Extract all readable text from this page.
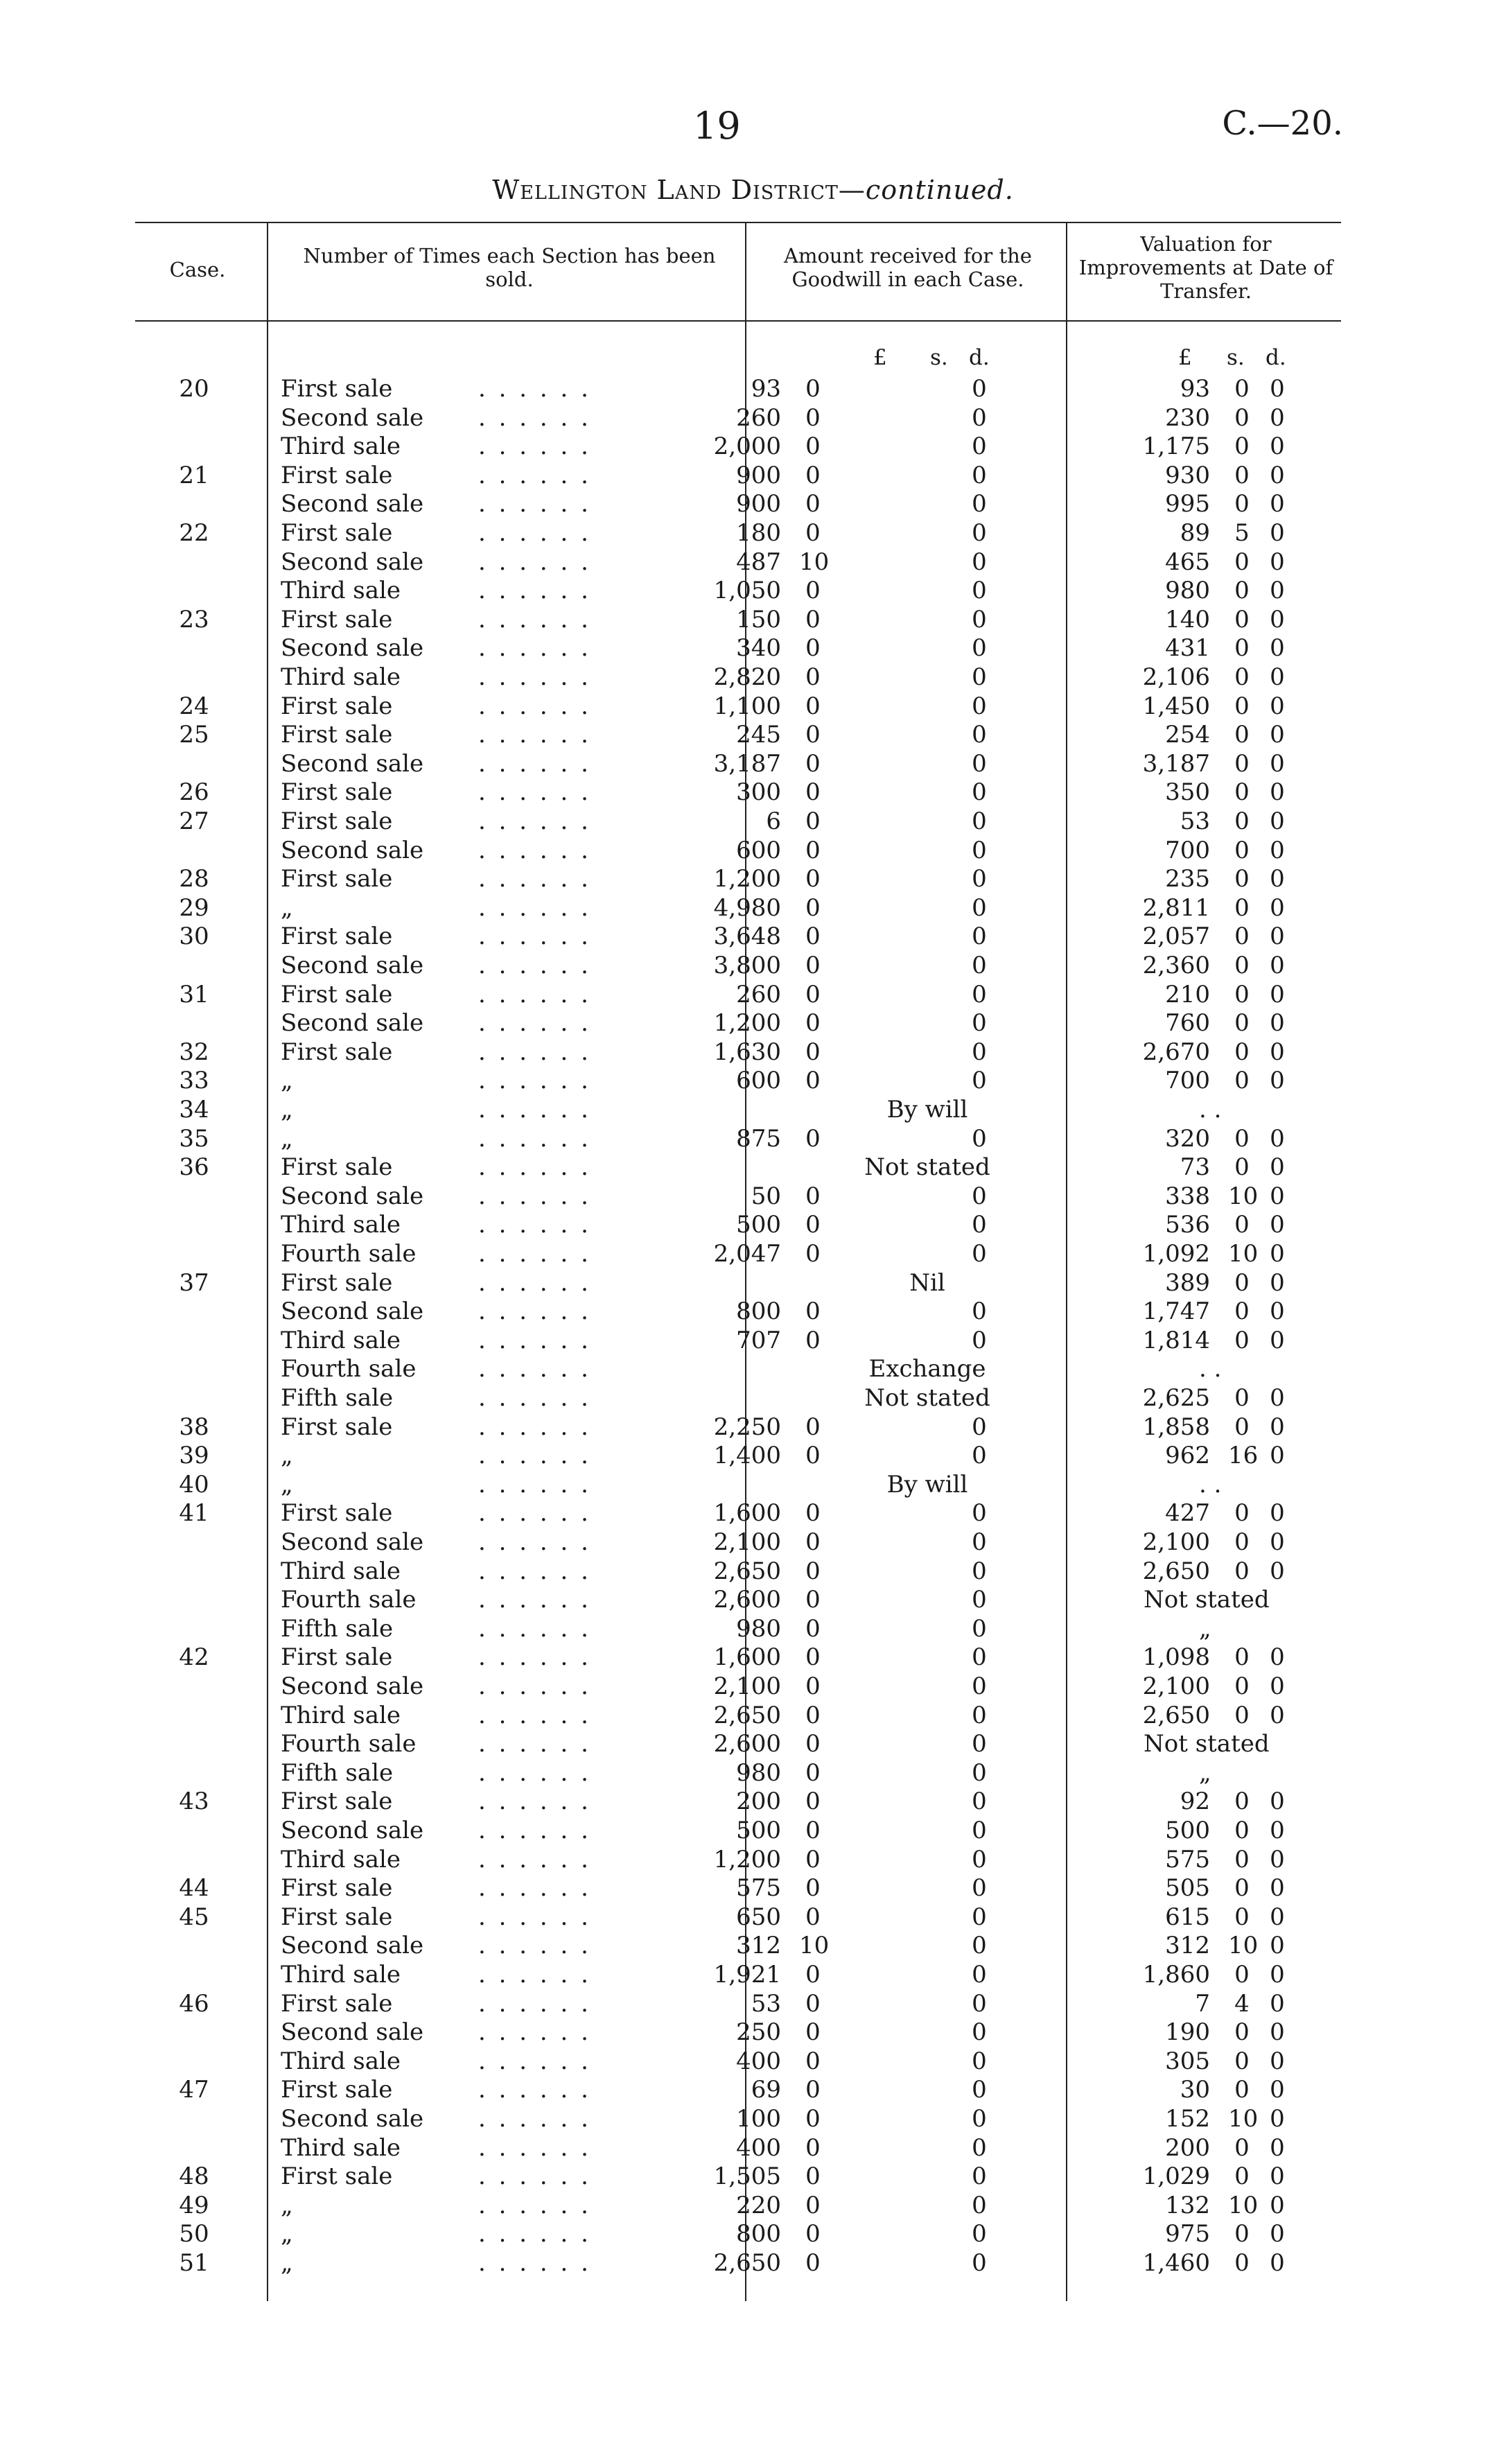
19	C.—20.
Wellington Land District—continued.
Case.
Number of Times each Section has been sold.
Amount received for the Goodwill in each Case.
Valuation for Improvements at Date of Transfer.
£ s. d.	£ s. d.
20	First sale	. . . . . .	93 0	0	93 0 0
Second sale . . . . . .	260 0	0	230 0 0
Third sale	. . . . . .	2,000 0	0	1,175 0 0
21	First sale	. . . . . .	900 0	0	930 0 0
Second sale . . . . . .	900 0	0	995 0 0
22	First sale	. . . . . .	180 0	0	89 5 0
Second sale . . . . . .	487 10	0	465 0 0
Third sale	. . . . . .	1,050 0	0	980 0 0
23	First sale	. . . . . .	150 0	0	140 0 0
Second sale . . . . . .	340 0	0	431 0 0
Third sale	. . . . . .	2,820 0	0	2,106 0 0
24	First sale	. . . . . .	1,100 0	0	1,450 0 0
25	First sale	. . . . . .	245 0	0	254 0 0
Second sale . . . . . .	3,187 0	0	3,187 0 0
26	First sale	. . . . . .	300 0	0	350 0 0
27	First sale	. . . . . .	6 0	0	53 0 0
Second sale . . . . . .	600 0	0	700 0 0
28	First sale	. . . . . .	1,200 0	0	235 0 0
29	„	. . . . . .	4,980 0	0	2,811 0 0
30	First sale	. . . . . .	3,648 0	0	2,057 0 0
Second sale . . . . . .	3,800 0	0	2,360 0 0
31	First sale	. . . . . .	260 0	0	210 0 0
Second sale . . . . . .	1,200 0	0	760 0 0
32	First sale	. . . . . .	1,630 0	0	2,670 0 0
33	„	. . . . . .	600 0	0	700 0 0
34	„	. . . . . .	By will	. .
35	„	. . . . . .	875 0	0	320 0 0
36	First sale	. . . . . .	Not stated	73 0 0
Second sale . . . . . .	50 0	0	338 10 0
Third sale	. . . . . .	500 0	0	536 0 0
Fourth sale	. . . . . .	2,047 0	0	1,092 10 0
37	First sale	. . . . . .	Nil	389 0 0
Second sale . . . . . .	800 0	0	1,747 0 0
Third sale	. . . . . .	707 0	0	1,814 0 0
Fourth sale	. . . . . .	Exchange	. .
Fifth sale	. . . . . .	Not stated	2,625 0 0
38	First sale	. . . . . .	2,250 0	0	1,858 0 0
39	„	. . . . . .	1,400 0	0	962 16 0
40	„	. . . . . .	By will	. .
41	First sale	. . . . . .	1,600 0	0	427 0 0
Second sale . . . . . .	2,100 0	0	2,100 0 0
Third sale	. . . . . .	2,650 0	0	2,650 0 0
Fourth sale	. . . . . .	2,600 0	0	Not stated
Fifth sale	. . . . . .	980 0	0	„
42	First sale	. . . . . .	1,600 0	0	1,098 0 0
Second sale . . . . . .	2,100 0	0	2,100 0 0
Third sale	. . . . . .	2,650 0	0	2,650 0 0
Fourth sale	. . . . . .	2,600 0	0	Not stated
Fifth sale	. . . . . .	980 0	0	„
43	First sale	. . . . . .	200 0	0	92 0 0
Second sale . . . . . .	500 0	0	500 0 0
Third sale	. . . . . .	1,200 0	0	575 0 0
44	First sale	. . . . . .	575 0	0	505 0 0
45	First sale	. . . . . .	650 0	0	615 0 0
Second sale . . . . . .	312 10	0	312 10 0
Third sale	. . . . . .	1,921 0	0	1,860 0 0
46	First sale	. . . . . .	53 0	0	7 4 0
Second sale . . . . . .	250 0	0	190 0 0
Third sale	. . . . . .	400 0	0	305 0 0
47	First sale	. . . . . .	69 0	0	30 0 0
Second sale . . . . . .	100 0	0	152 10 0
Third sale	. . . . . .	400 0	0	200 0 0
48	First sale	. . . . . .	1,505 0	0	1,029 0 0
49	„	. . . . . .	220 0	0	132 10 0
50	„	. . . . . .	800 0	0	975 0 0
51	„	. . . . . .	2,650 0	0	1,460 0 0
